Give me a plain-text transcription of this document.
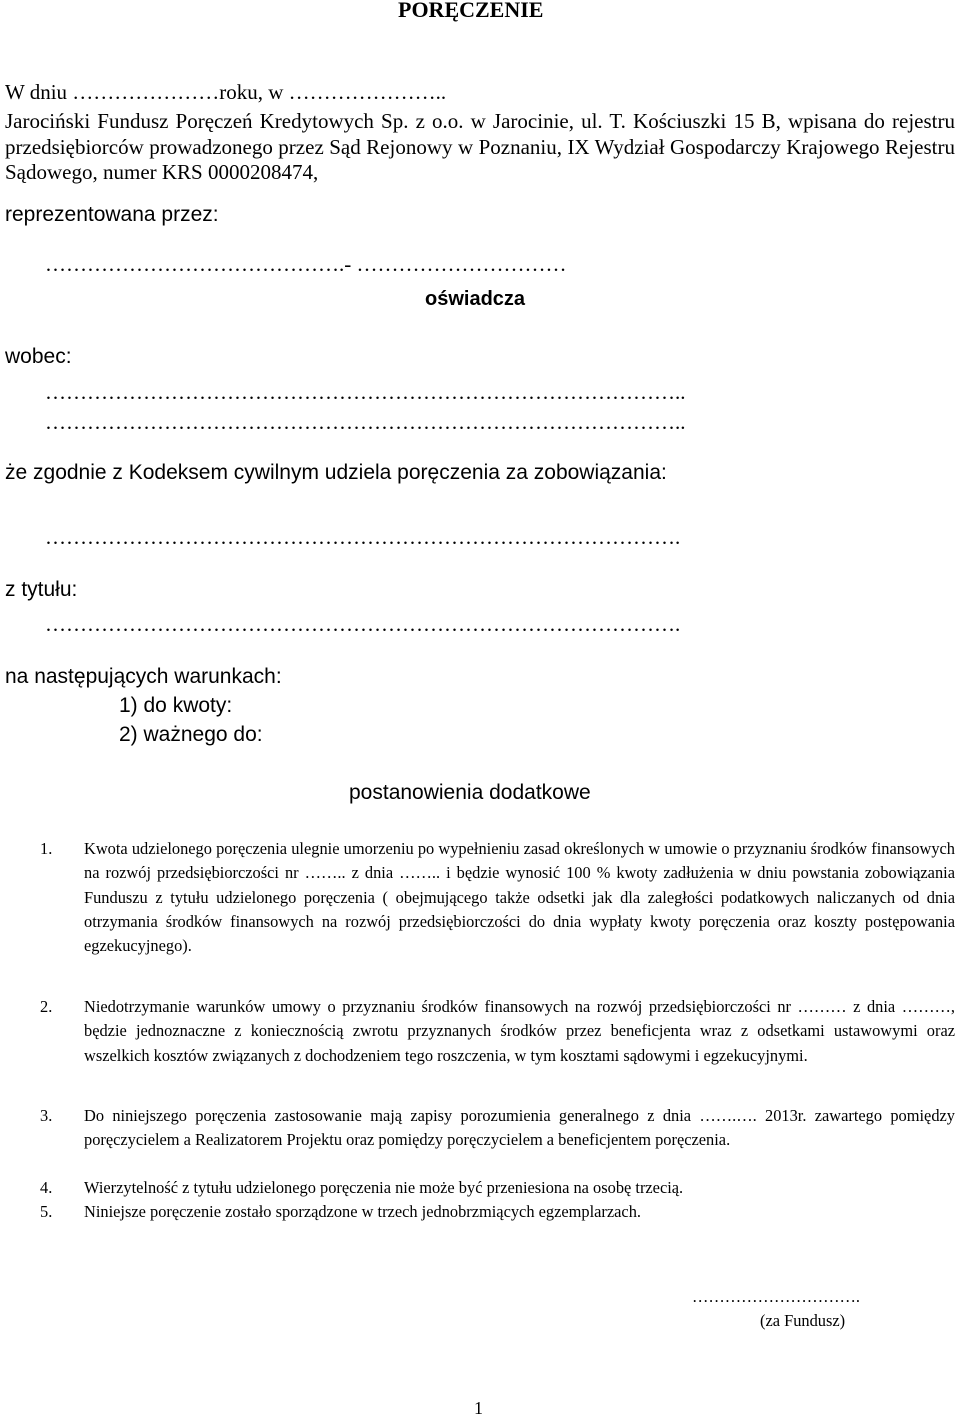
PORĘCZENIE
W dniu …………………roku, w …………………..
Jarociński Fundusz Poręczeń Kredytowych Sp. z o.o. w Jarocinie, ul. T. Kościuszki 15 B, wpisana do rejestru przedsiębiorców prowadzonego przez Sąd Rejonowy w Poznaniu, IX Wydział Gospodarczy Krajowego Rejestru Sądowego, numer KRS 0000208474,
reprezentowana przez:
…………………………………….- …………………………
oświadcza
wobec:
………………………………………………………………………………..
………………………………………………………………………………..
że zgodnie z Kodeksem cywilnym udziela poręczenia za zobowiązania:
……………………………………………………………………………….
z tytułu:
……………………………………………………………………………….
na następujących warunkach:
1) do kwoty:
2) ważnego do:
postanowienia dodatkowe
1. Kwota udzielonego poręczenia ulegnie umorzeniu po wypełnieniu zasad określonych w umowie o przyznaniu środków finansowych na rozwój przedsiębiorczości nr …….. z dnia …….. i będzie wynosić 100 % kwoty zadłużenia w dniu powstania zobowiązania Funduszu z tytułu udzielonego poręczenia ( obejmującego także odsetki jak dla zaległości podatkowych naliczanych od dnia otrzymania środków finansowych na rozwój przedsiębiorczości do dnia wypłaty kwoty poręczenia oraz koszty postępowania egzekucyjnego).
2. Niedotrzymanie warunków umowy o przyznaniu środków finansowych na rozwój przedsiębiorczości nr ……… z dnia ………, będzie jednoznaczne z koniecznością zwrotu przyznanych środków przez beneficjenta wraz z odsetkami ustawowymi oraz wszelkich kosztów związanych z dochodzeniem tego roszczenia, w tym kosztami sądowymi i egzekucyjnymi.
3. Do niniejszego poręczenia zastosowanie mają zapisy porozumienia generalnego z dnia …….…. 2013r. zawartego pomiędzy poręczycielem a Realizatorem Projektu oraz pomiędzy poręczycielem a beneficjentem poręczenia.
4. Wierzytelność z tytułu udzielonego poręczenia nie może być przeniesiona na osobę trzecią.
5. Niniejsze poręczenie zostało sporządzone w trzech jednobrzmiących egzemplarzach.
………………………….
(za Fundusz)
1
